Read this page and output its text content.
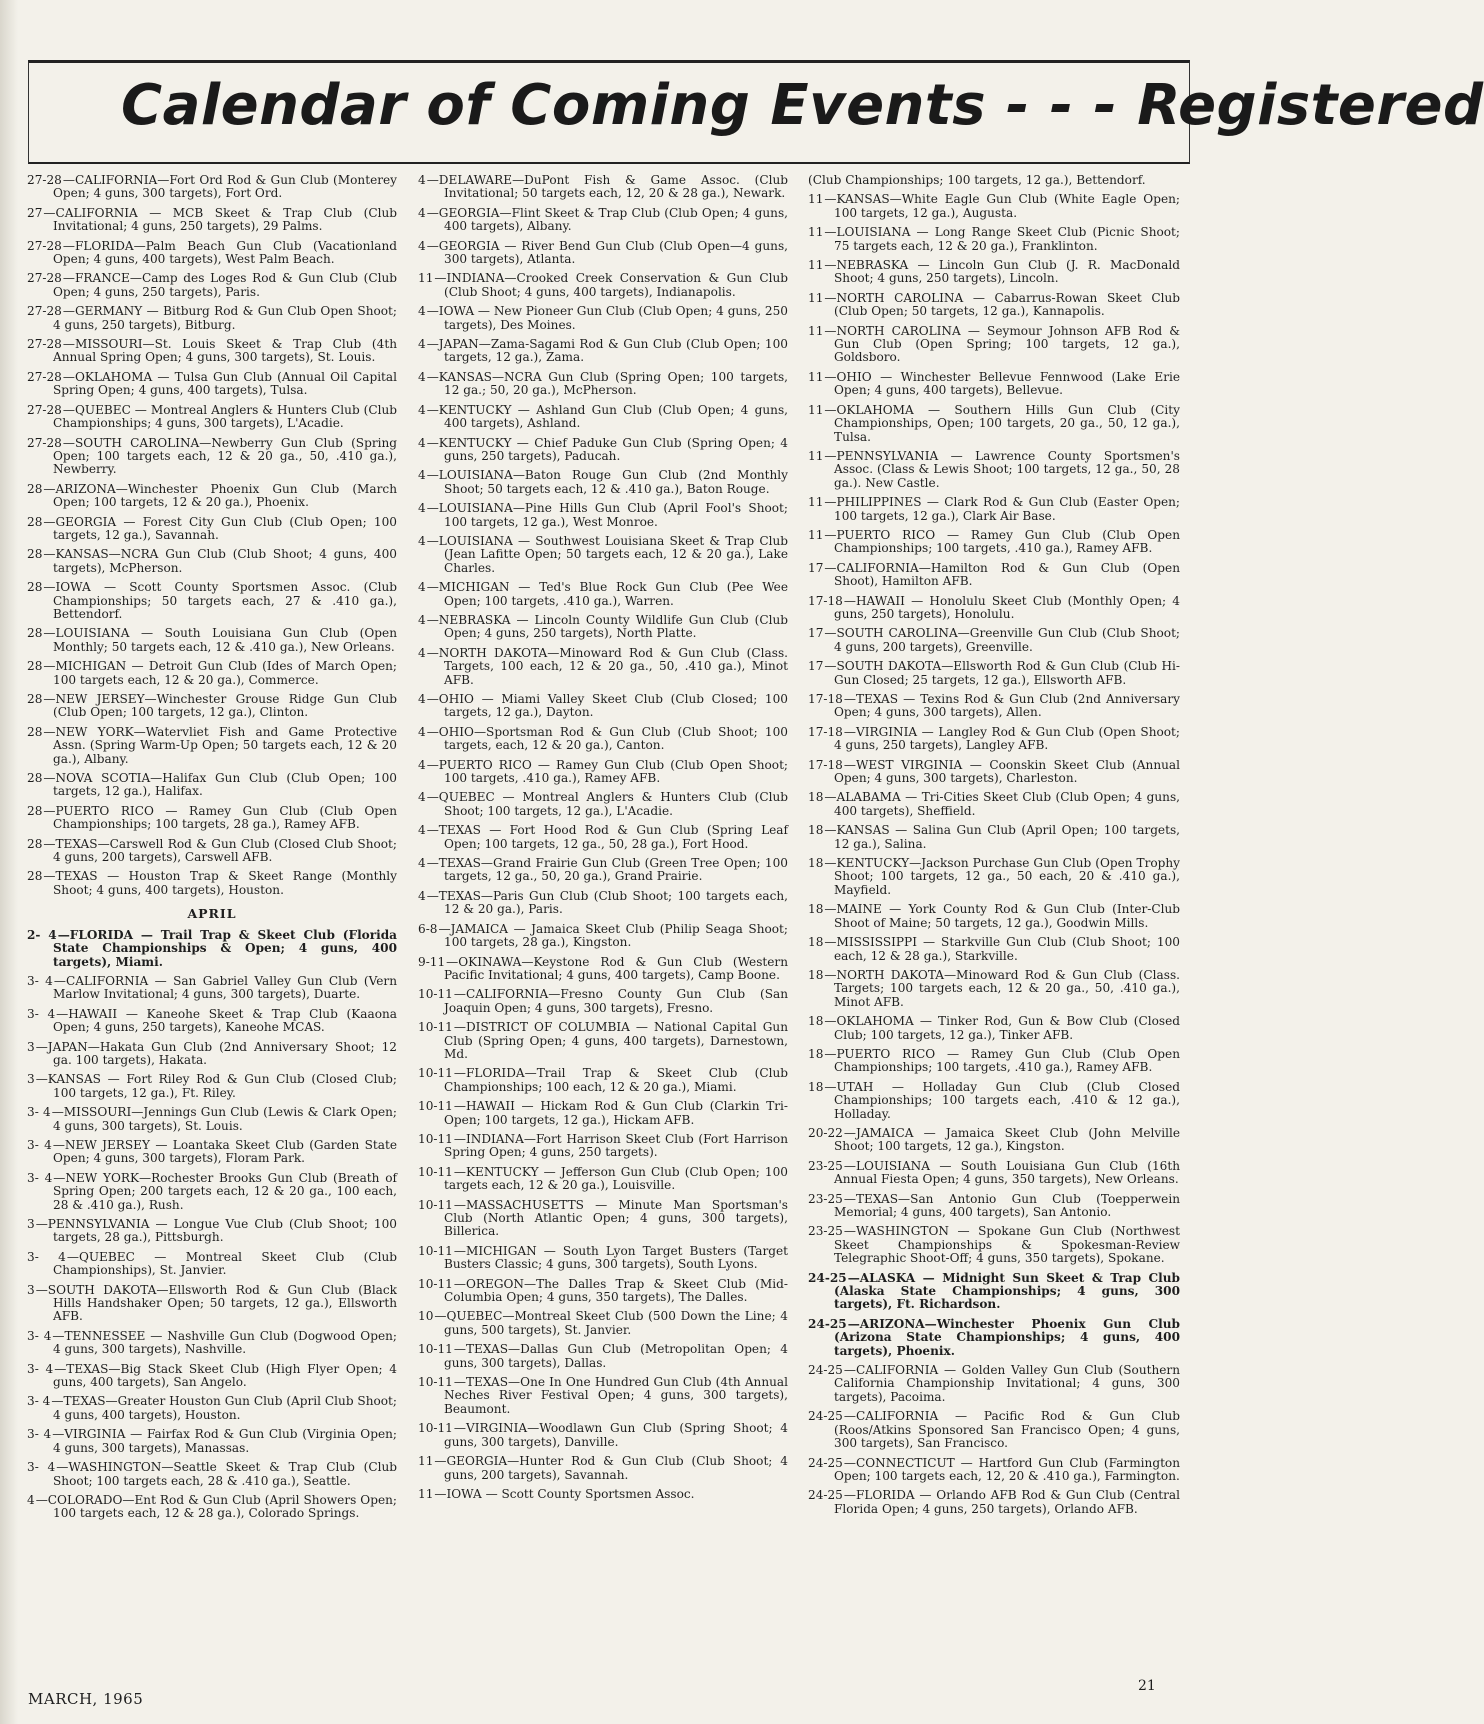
Calendar of Coming Events - - - Registered
27-28—CALIFORNIA—Fort Ord Rod & Gun Club (Monterey Open; 4 guns, 300 targets), Fort Ord.
27—CALIFORNIA — MCB Skeet & Trap Club (Club Invitational; 4 guns, 250 targets), 29 Palms.
27-28—FLORIDA—Palm Beach Gun Club (Vacationland Open; 4 guns, 400 targets), West Palm Beach.
27-28—FRANCE—Camp des Loges Rod & Gun Club (Club Open; 4 guns, 250 targets), Paris.
27-28—GERMANY — Bitburg Rod & Gun Club Open Shoot; 4 guns, 250 targets), Bitburg.
27-28—MISSOURI—St. Louis Skeet & Trap Club (4th Annual Spring Open; 4 guns, 300 targets), St. Louis.
27-28—OKLAHOMA — Tulsa Gun Club (Annual Oil Capital Spring Open; 4 guns, 400 targets), Tulsa.
27-28—QUEBEC — Montreal Anglers & Hunters Club (Club Championships; 4 guns, 300 targets), L'Acadie.
27-28—SOUTH CAROLINA—Newberry Gun Club (Spring Open; 100 targets each, 12 & 20 ga., 50, .410 ga.), Newberry.
28—ARIZONA—Winchester Phoenix Gun Club (March Open; 100 targets, 12 & 20 ga.), Phoenix.
28—GEORGIA — Forest City Gun Club (Club Open; 100 targets, 12 ga.), Savannah.
28—KANSAS—NCRA Gun Club (Club Shoot; 4 guns, 400 targets), McPherson.
28—IOWA — Scott County Sportsmen Assoc. (Club Championships; 50 targets each, 27 & .410 ga.), Bettendorf.
28—LOUISIANA — South Louisiana Gun Club (Open Monthly; 50 targets each, 12 & .410 ga.), New Orleans.
28—MICHIGAN — Detroit Gun Club (Ides of March Open; 100 targets each, 12 & 20 ga.), Commerce.
28—NEW JERSEY—Winchester Grouse Ridge Gun Club (Club Open; 100 targets, 12 ga.), Clinton.
28—NEW YORK—Watervliet Fish and Game Protective Assn. (Spring Warm-Up Open; 50 targets each, 12 & 20 ga.), Albany.
28—NOVA SCOTIA—Halifax Gun Club (Club Open; 100 targets, 12 ga.), Halifax.
28—PUERTO RICO — Ramey Gun Club (Club Open Championships; 100 targets, 28 ga.), Ramey AFB.
28—TEXAS—Carswell Rod & Gun Club (Closed Club Shoot; 4 guns, 200 targets), Carswell AFB.
28—TEXAS — Houston Trap & Skeet Range (Monthly Shoot; 4 guns, 400 targets), Houston.
APRIL
2- 4—FLORIDA — Trail Trap & Skeet Club (Florida State Championships & Open; 4 guns, 400 targets), Miami.
3- 4—CALIFORNIA — San Gabriel Valley Gun Club (Vern Marlow Invitational; 4 guns, 300 targets), Duarte.
3- 4—HAWAII — Kaneohe Skeet & Trap Club (Kaaona Open; 4 guns, 250 targets), Kaneohe MCAS.
3—JAPAN—Hakata Gun Club (2nd Anniversary Shoot; 12 ga. 100 targets), Hakata.
3—KANSAS — Fort Riley Rod & Gun Club (Closed Club; 100 targets, 12 ga.), Ft. Riley.
3- 4—MISSOURI—Jennings Gun Club (Lewis & Clark Open; 4 guns, 300 targets), St. Louis.
3- 4—NEW JERSEY — Loantaka Skeet Club (Garden State Open; 4 guns, 300 targets), Floram Park.
3- 4—NEW YORK—Rochester Brooks Gun Club (Breath of Spring Open; 200 targets each, 12 & 20 ga., 100 each, 28 & .410 ga.), Rush.
3—PENNSYLVANIA — Longue Vue Club (Club Shoot; 100 targets, 28 ga.), Pittsburgh.
3- 4—QUEBEC — Montreal Skeet Club (Club Championships), St. Janvier.
3—SOUTH DAKOTA—Ellsworth Rod & Gun Club (Black Hills Handshaker Open; 50 targets, 12 ga.), Ellsworth AFB.
3- 4—TENNESSEE — Nashville Gun Club (Dogwood Open; 4 guns, 300 targets), Nashville.
3- 4—TEXAS—Big Stack Skeet Club (High Flyer Open; 4 guns, 400 targets), San Angelo.
3- 4—TEXAS—Greater Houston Gun Club (April Club Shoot; 4 guns, 400 targets), Houston.
3- 4—VIRGINIA — Fairfax Rod & Gun Club (Virginia Open; 4 guns, 300 targets), Manassas.
3- 4—WASHINGTON—Seattle Skeet & Trap Club (Club Shoot; 100 targets each, 28 & .410 ga.), Seattle.
4—COLORADO—Ent Rod & Gun Club (April Showers Open; 100 targets each, 12 & 28 ga.), Colorado Springs.
4—DELAWARE—DuPont Fish & Game Assoc. (Club Invitational; 50 targets each, 12, 20 & 28 ga.), Newark.
4—GEORGIA—Flint Skeet & Trap Club (Club Open; 4 guns, 400 targets), Albany.
4—GEORGIA — River Bend Gun Club (Club Open—4 guns, 300 targets), Atlanta.
11—INDIANA—Crooked Creek Conservation & Gun Club (Club Shoot; 4 guns, 400 targets), Indianapolis.
4—IOWA — New Pioneer Gun Club (Club Open; 4 guns, 250 targets), Des Moines.
4—JAPAN—Zama-Sagami Rod & Gun Club (Club Open; 100 targets, 12 ga.), Zama.
4—KANSAS—NCRA Gun Club (Spring Open; 100 targets, 12 ga.; 50, 20 ga.), McPherson.
4—KENTUCKY — Ashland Gun Club (Club Open; 4 guns, 400 targets), Ashland.
4—KENTUCKY — Chief Paduke Gun Club (Spring Open; 4 guns, 250 targets), Paducah.
4—LOUISIANA—Baton Rouge Gun Club (2nd Monthly Shoot; 50 targets each, 12 & .410 ga.), Baton Rouge.
4—LOUISIANA—Pine Hills Gun Club (April Fool's Shoot; 100 targets, 12 ga.), West Monroe.
4—LOUISIANA — Southwest Louisiana Skeet & Trap Club (Jean Lafitte Open; 50 targets each, 12 & 20 ga.), Lake Charles.
4—MICHIGAN — Ted's Blue Rock Gun Club (Pee Wee Open; 100 targets, .410 ga.), Warren.
4—NEBRASKA — Lincoln County Wildlife Gun Club (Club Open; 4 guns, 250 targets), North Platte.
4—NORTH DAKOTA—Minoward Rod & Gun Club (Class. Targets, 100 each, 12 & 20 ga., 50, .410 ga.), Minot AFB.
4—OHIO — Miami Valley Skeet Club (Club Closed; 100 targets, 12 ga.), Dayton.
4—OHIO—Sportsman Rod & Gun Club (Club Shoot; 100 targets, each, 12 & 20 ga.), Canton.
4—PUERTO RICO — Ramey Gun Club (Club Open Shoot; 100 targets, .410 ga.), Ramey AFB.
4—QUEBEC — Montreal Anglers & Hunters Club (Club Shoot; 100 targets, 12 ga.), L'Acadie.
4—TEXAS — Fort Hood Rod & Gun Club (Spring Leaf Open; 100 targets, 12 ga., 50, 28 ga.), Fort Hood.
4—TEXAS—Grand Frairie Gun Club (Green Tree Open; 100 targets, 12 ga., 50, 20 ga.), Grand Prairie.
4—TEXAS—Paris Gun Club (Club Shoot; 100 targets each, 12 & 20 ga.), Paris.
6-8—JAMAICA — Jamaica Skeet Club (Philip Seaga Shoot; 100 targets, 28 ga.), Kingston.
9-11—OKINAWA—Keystone Rod & Gun Club (Western Pacific Invitational; 4 guns, 400 targets), Camp Boone.
10-11—CALIFORNIA—Fresno County Gun Club (San Joaquin Open; 4 guns, 300 targets), Fresno.
10-11—DISTRICT OF COLUMBIA — National Capital Gun Club (Spring Open; 4 guns, 400 targets), Darnestown, Md.
10-11—FLORIDA—Trail Trap & Skeet Club (Club Championships; 100 each, 12 & 20 ga.), Miami.
10-11—HAWAII — Hickam Rod & Gun Club (Clarkin Tri-Open; 100 targets, 12 ga.), Hickam AFB.
10-11—INDIANA—Fort Harrison Skeet Club (Fort Harrison Spring Open; 4 guns, 250 targets).
10-11—KENTUCKY — Jefferson Gun Club (Club Open; 100 targets each, 12 & 20 ga.), Louisville.
10-11—MASSACHUSETTS — Minute Man Sportsman's Club (North Atlantic Open; 4 guns, 300 targets), Billerica.
10-11—MICHIGAN — South Lyon Target Busters (Target Busters Classic; 4 guns, 300 targets), South Lyons.
10-11—OREGON—The Dalles Trap & Skeet Club (Mid-Columbia Open; 4 guns, 350 targets), The Dalles.
10—QUEBEC—Montreal Skeet Club (500 Down the Line; 4 guns, 500 targets), St. Janvier.
10-11—TEXAS—Dallas Gun Club (Metropolitan Open; 4 guns, 300 targets), Dallas.
10-11—TEXAS—One In One Hundred Gun Club (4th Annual Neches River Festival Open; 4 guns, 300 targets), Beaumont.
10-11—VIRGINIA—Woodlawn Gun Club (Spring Shoot; 4 guns, 300 targets), Danville.
11—GEORGIA—Hunter Rod & Gun Club (Club Shoot; 4 guns, 200 targets), Savannah.
11—IOWA — Scott County Sportsmen Assoc.
(Club Championships; 100 targets, 12 ga.), Bettendorf.
11—KANSAS—White Eagle Gun Club (White Eagle Open; 100 targets, 12 ga.), Augusta.
11—LOUISIANA — Long Range Skeet Club (Picnic Shoot; 75 targets each, 12 & 20 ga.), Franklinton.
11—NEBRASKA — Lincoln Gun Club (J. R. MacDonald Shoot; 4 guns, 250 targets), Lincoln.
11—NORTH CAROLINA — Cabarrus-Rowan Skeet Club (Club Open; 50 targets, 12 ga.), Kannapolis.
11—NORTH CAROLINA — Seymour Johnson AFB Rod & Gun Club (Open Spring; 100 targets, 12 ga.), Goldsboro.
11—OHIO — Winchester Bellevue Fennwood (Lake Erie Open; 4 guns, 400 targets), Bellevue.
11—OKLAHOMA — Southern Hills Gun Club (City Championships, Open; 100 targets, 20 ga., 50, 12 ga.), Tulsa.
11—PENNSYLVANIA — Lawrence County Sportsmen's Assoc. (Class & Lewis Shoot; 100 targets, 12 ga., 50, 28 ga.). New Castle.
11—PHILIPPINES — Clark Rod & Gun Club (Easter Open; 100 targets, 12 ga.), Clark Air Base.
11—PUERTO RICO — Ramey Gun Club (Club Open Championships; 100 targets, .410 ga.), Ramey AFB.
17—CALIFORNIA—Hamilton Rod & Gun Club (Open Shoot), Hamilton AFB.
17-18—HAWAII — Honolulu Skeet Club (Monthly Open; 4 guns, 250 targets), Honolulu.
17—SOUTH CAROLINA—Greenville Gun Club (Club Shoot; 4 guns, 200 targets), Greenville.
17—SOUTH DAKOTA—Ellsworth Rod & Gun Club (Club Hi-Gun Closed; 25 targets, 12 ga.), Ellsworth AFB.
17-18—TEXAS — Texins Rod & Gun Club (2nd Anniversary Open; 4 guns, 300 targets), Allen.
17-18—VIRGINIA — Langley Rod & Gun Club (Open Shoot; 4 guns, 250 targets), Langley AFB.
17-18—WEST VIRGINIA — Coonskin Skeet Club (Annual Open; 4 guns, 300 targets), Charleston.
18—ALABAMA — Tri-Cities Skeet Club (Club Open; 4 guns, 400 targets), Sheffield.
18—KANSAS — Salina Gun Club (April Open; 100 targets, 12 ga.), Salina.
18—KENTUCKY—Jackson Purchase Gun Club (Open Trophy Shoot; 100 targets, 12 ga., 50 each, 20 & .410 ga.), Mayfield.
18—MAINE — York County Rod & Gun Club (Inter-Club Shoot of Maine; 50 targets, 12 ga.), Goodwin Mills.
18—MISSISSIPPI — Starkville Gun Club (Club Shoot; 100 each, 12 & 28 ga.), Starkville.
18—NORTH DAKOTA—Minoward Rod & Gun Club (Class. Targets; 100 targets each, 12 & 20 ga., 50, .410 ga.), Minot AFB.
18—OKLAHOMA — Tinker Rod, Gun & Bow Club (Closed Club; 100 targets, 12 ga.), Tinker AFB.
18—PUERTO RICO — Ramey Gun Club (Club Open Championships; 100 targets, .410 ga.), Ramey AFB.
18—UTAH — Holladay Gun Club (Club Closed Championships; 100 targets each, .410 & 12 ga.), Holladay.
20-22—JAMAICA — Jamaica Skeet Club (John Melville Shoot; 100 targets, 12 ga.), Kingston.
23-25—LOUISIANA — South Louisiana Gun Club (16th Annual Fiesta Open; 4 guns, 350 targets), New Orleans.
23-25—TEXAS—San Antonio Gun Club (Toepperwein Memorial; 4 guns, 400 targets), San Antonio.
23-25—WASHINGTON — Spokane Gun Club (Northwest Skeet Championships & Spokesman-Review Telegraphic Shoot-Off; 4 guns, 350 targets), Spokane.
24-25—ALASKA — Midnight Sun Skeet & Trap Club (Alaska State Championships; 4 guns, 300 targets), Ft. Richardson.
24-25—ARIZONA—Winchester Phoenix Gun Club (Arizona State Championships; 4 guns, 400 targets), Phoenix.
24-25—CALIFORNIA — Golden Valley Gun Club (Southern California Championship Invitational; 4 guns, 300 targets), Pacoima.
24-25—CALIFORNIA — Pacific Rod & Gun Club (Roos/Atkins Sponsored San Francisco Open; 4 guns, 300 targets), San Francisco.
24-25—CONNECTICUT — Hartford Gun Club (Farmington Open; 100 targets each, 12, 20 & .410 ga.), Farmington.
24-25—FLORIDA — Orlando AFB Rod & Gun Club (Central Florida Open; 4 guns, 250 targets), Orlando AFB.
MARCH, 1965
21
